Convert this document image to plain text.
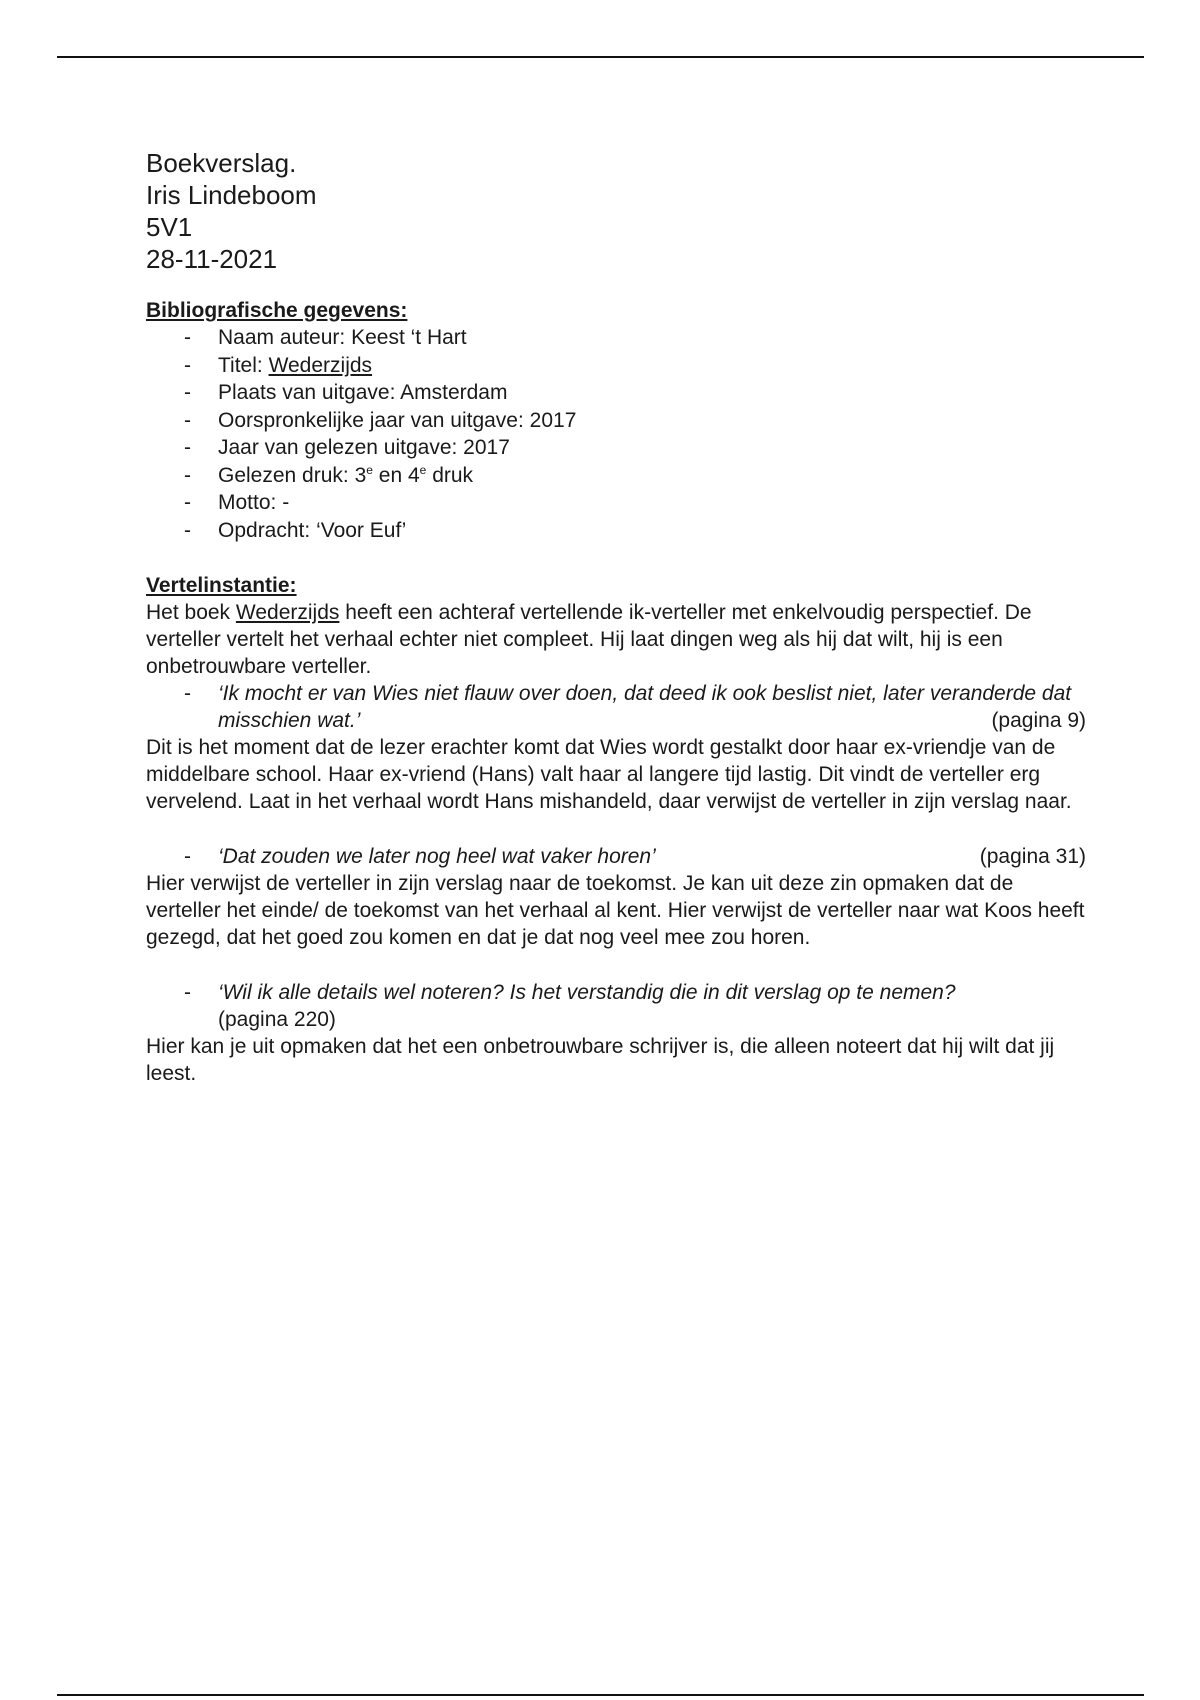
Boekverslag.
Iris Lindeboom
5V1
28-11-2021
Bibliografische gegevens:
- Naam auteur: Keest ‘t Hart
- Titel: Wederzijds
- Plaats van uitgave: Amsterdam
- Oorspronkelijke jaar van uitgave: 2017
- Jaar van gelezen uitgave: 2017
- Gelezen druk: 3e en 4e druk
- Motto: -
- Opdracht: ‘Voor Euf’
Vertelinstantie:
Het boek Wederzijds heeft een achteraf vertellende ik-verteller met enkelvoudig perspectief. De verteller vertelt het verhaal echter niet compleet. Hij laat dingen weg als hij dat wilt, hij is een onbetrouwbare verteller.
- ‘Ik mocht er van Wies niet flauw over doen, dat deed ik ook beslist niet, later veranderde dat misschien wat.’	(pagina 9)
Dit is het moment dat de lezer erachter komt dat Wies wordt gestalkt door haar ex-vriendje van de middelbare school. Haar ex-vriend (Hans) valt haar al langere tijd lastig. Dit vindt de verteller erg vervelend. Laat in het verhaal wordt Hans mishandeld, daar verwijst de verteller in zijn verslag naar.
- ‘Dat zouden we later nog heel wat vaker horen’	(pagina 31)
Hier verwijst de verteller in zijn verslag naar de toekomst. Je kan uit deze zin opmaken dat de verteller het einde/ de toekomst van het verhaal al kent. Hier verwijst de verteller naar wat Koos heeft gezegd, dat het goed zou komen en dat je dat nog veel mee zou horen.
- ‘Wil ik alle details wel noteren? Is het verstandig die in dit verslag op te nemen?
(pagina 220)
Hier kan je uit opmaken dat het een onbetrouwbare schrijver is, die alleen noteert dat hij wilt dat jij leest.
